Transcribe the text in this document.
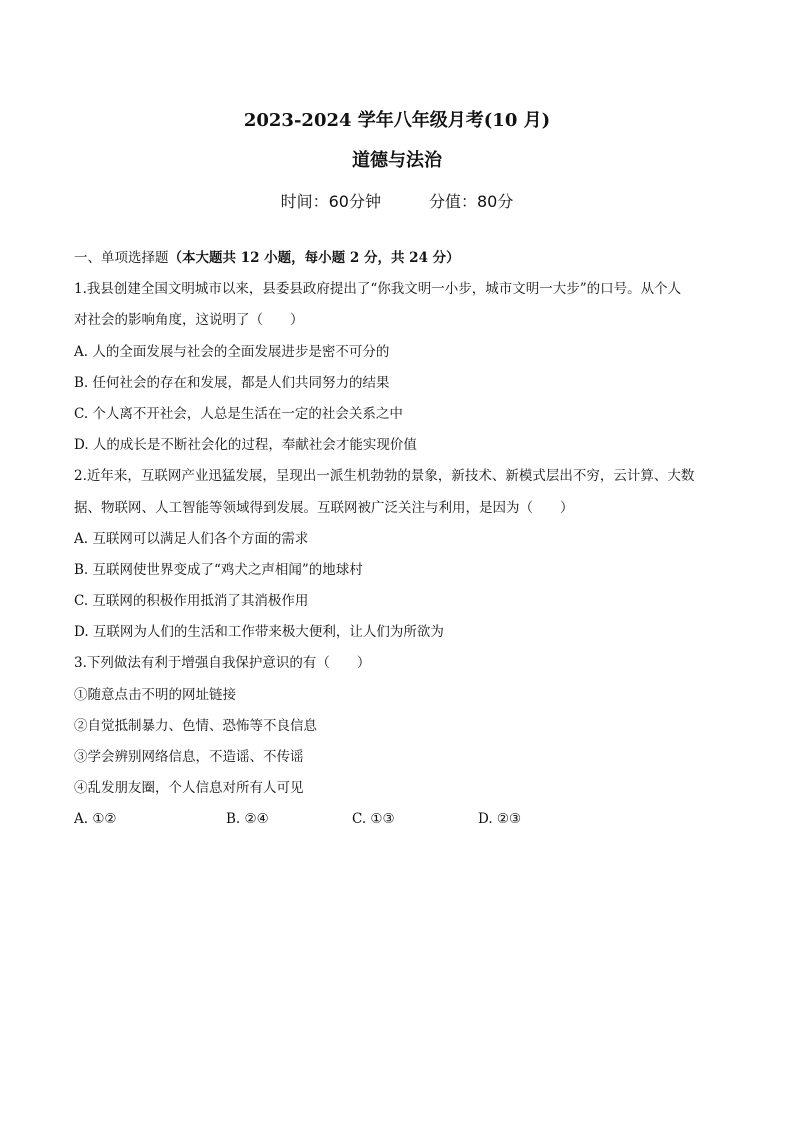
2023-2024 学年八年级月考(10 月)
道德与法治
时间：60分钟	分值：80分
一、单项选择题（本大题共 12 小题，每小题 2 分，共 24 分）
1.我县创建全国文明城市以来，县委县政府提出了“你我文明一小步，城市文明一大步”的口号。从个人
对社会的影响角度，这说明了（　　）
A. 人的全面发展与社会的全面发展进步是密不可分的
B. 任何社会的存在和发展，都是人们共同努力的结果
C. 个人离不开社会，人总是生活在一定的社会关系之中
D. 人的成长是不断社会化的过程，奉献社会才能实现价值
2.近年来，互联网产业迅猛发展，呈现出一派生机勃勃的景象，新技术、新模式层出不穷，云计算、大数
据、物联网、人工智能等领域得到发展。互联网被广泛关注与利用，是因为（　　）
A. 互联网可以满足人们各个方面的需求
B. 互联网使世界变成了“鸡犬之声相闻”的地球村
C. 互联网的积极作用抵消了其消极作用
D. 互联网为人们的生活和工作带来极大便利，让人们为所欲为
3.下列做法有利于增强自我保护意识的有（　　）
①随意点击不明的网址链接
②自觉抵制暴力、色情、恐怖等不良信息
③学会辨别网络信息，不造谣、不传谣
④乱发朋友圈，个人信息对所有人可见
A. ①②	B. ②④	C. ①③	D. ②③
